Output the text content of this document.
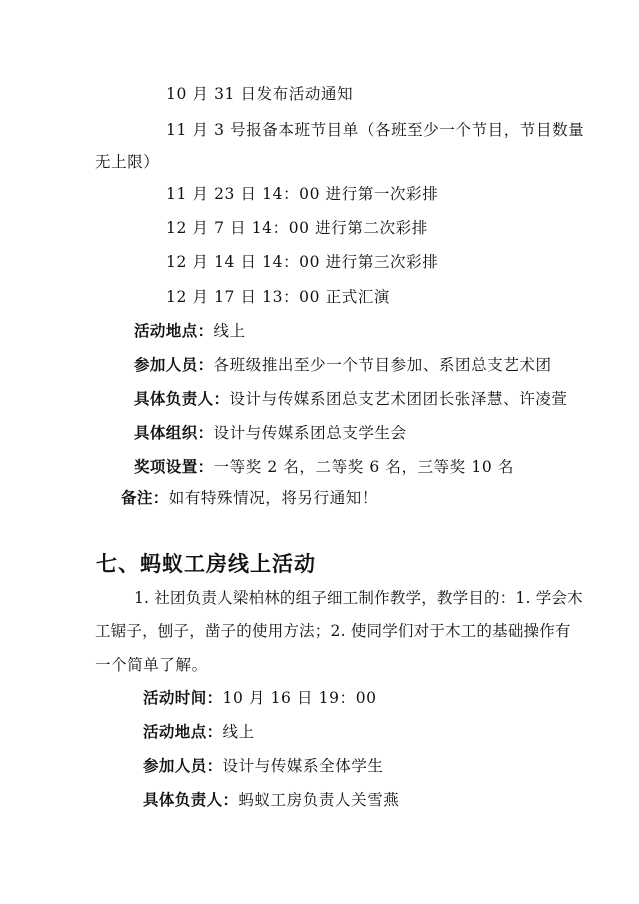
10 月 31 日发布活动通知
11 月 3 号报备本班节目单（各班至少一个节目，节目数量
无上限）
11 月 23 日 14：00 进行第一次彩排
12 月 7 日 14：00 进行第二次彩排
12 月 14 日 14：00 进行第三次彩排
12 月 17 日 13：00 正式汇演
活动地点：线上
参加人员：各班级推出至少一个节目参加、系团总支艺术团
具体负责人：设计与传媒系团总支艺术团团长张泽慧、许凌萱
具体组织：设计与传媒系团总支学生会
奖项设置：一等奖 2 名，二等奖 6 名，三等奖 10 名
备注：如有特殊情况，将另行通知！
七、蚂蚁工房线上活动
1. 社团负责人梁柏林的组子细工制作教学，教学目的：1. 学会木
工锯子，刨子，凿子的使用方法；2. 使同学们对于木工的基础操作有
一个简单了解。
活动时间：10 月 16 日 19：00
活动地点：线上
参加人员：设计与传媒系全体学生
具体负责人：蚂蚁工房负责人关雪燕
